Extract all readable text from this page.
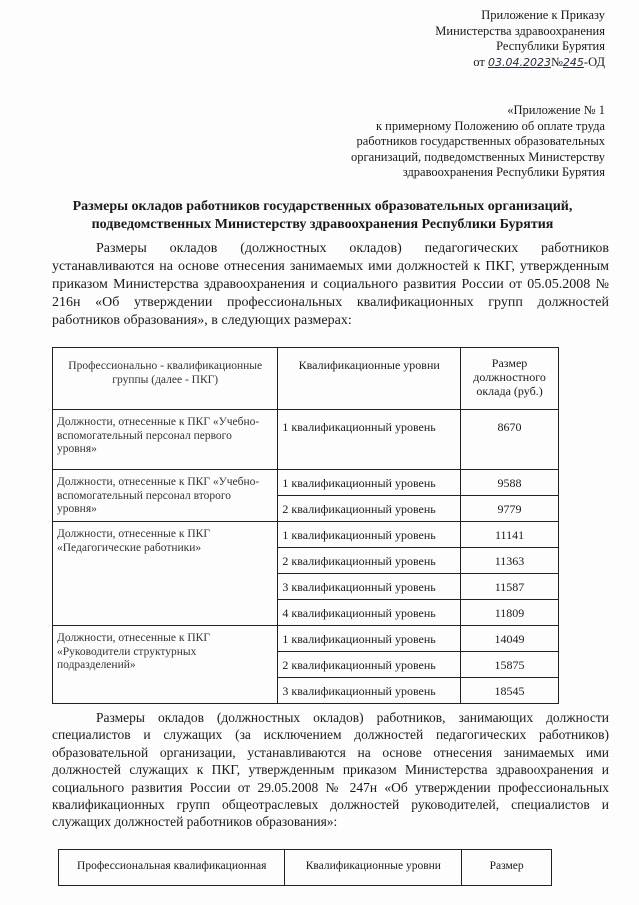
Приложение к Приказу
Министерства здравоохранения
Республики Бурятия
от 03.04.2023№245-ОД
«Приложение № 1
к примерному Положению об оплате труда
работников государственных образовательных
организаций, подведомственных Министерству
здравоохранения Республики Бурятия
Размеры окладов работников государственных образовательных организаций, подведомственных Министерству здравоохранения Республики Бурятия
Размеры окладов (должностных окладов) педагогических работников устанавливаются на основе отнесения занимаемых ими должностей к ПКГ, утвержденным приказом Министерства здравоохранения и социального развития России от 05.05.2008 № 216н «Об утверждении профессиональных квалификационных групп должностей работников образования», в следующих размерах:
Профессионально - квалификационные группы (далее - ПКГ)	Квалификационные уровни	Размер должностного оклада (руб.)
Должности, отнесенные к ПКГ «Учебно-вспомогательный персонал первого уровня»	1 квалификационный уровень	8670
Должности, отнесенные к ПКГ «Учебно-вспомогательный персонал второго уровня»	1 квалификационный уровень	9588
	2 квалификационный уровень	9779
Должности, отнесенные к ПКГ «Педагогические работники»	1 квалификационный уровень	11141
	2 квалификационный уровень	11363
	3 квалификационный уровень	11587
	4 квалификационный уровень	11809
Должности, отнесенные к ПКГ «Руководители структурных подразделений»	1 квалификационный уровень	14049
	2 квалификационный уровень	15875
	3 квалификационный уровень	18545
Размеры окладов (должностных окладов) работников, занимающих должности специалистов и служащих (за исключением должностей педагогических работников) образовательной организации, устанавливаются на основе отнесения занимаемых ими должностей служащих к ПКГ, утвержденным приказом Министерства здравоохранения и социального развития России от 29.05.2008 № 247н «Об утверждении профессиональных квалификационных групп общеотраслевых должностей руководителей, специалистов и служащих должностей работников образования»:
Профессиональная квалификационная	Квалификационные уровни	Размер
